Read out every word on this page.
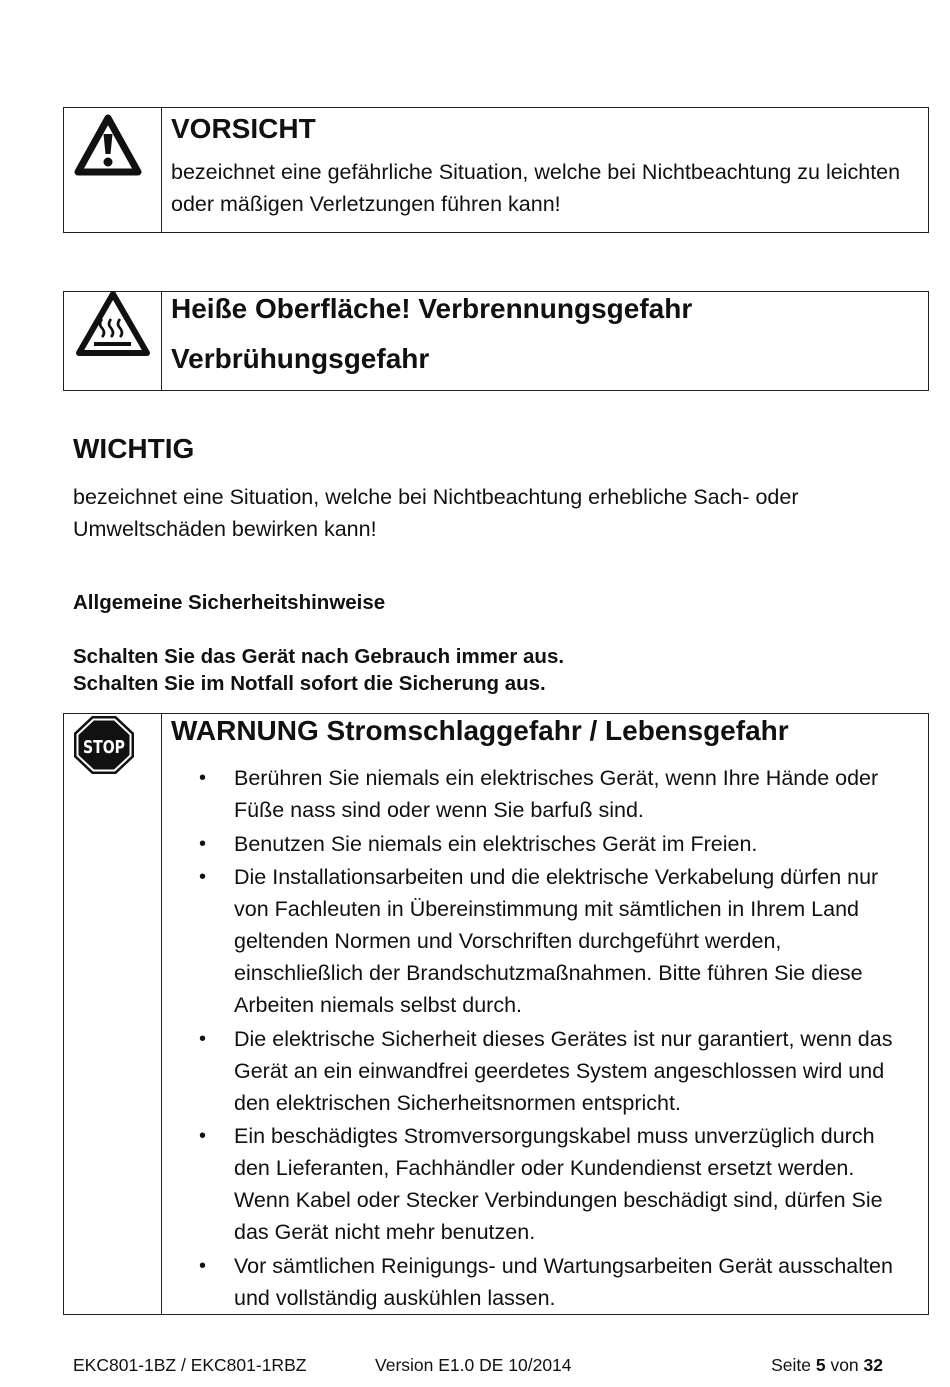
VORSICHT

bezeichnet eine gefährliche Situation, welche bei Nichtbeachtung zu leichten oder mäßigen Verletzungen führen kann!

Heiße Oberfläche! Verbrennungsgefahr

Verbrühungsgefahr

WICHTIG

bezeichnet eine Situation, welche bei Nichtbeachtung erhebliche Sach- oder Umweltschäden bewirken kann!

Allgemeine Sicherheitshinweise

Schalten Sie das Gerät nach Gebrauch immer aus.

Schalten Sie im Notfall sofort die Sicherung aus.

STOP

WARNUNG Stromschlaggefahr / Lebensgefahr

• Berühren Sie niemals ein elektrisches Gerät, wenn Ihre Hände oder Füße nass sind oder wenn Sie barfuß sind.
• Benutzen Sie niemals ein elektrisches Gerät im Freien.
• Die Installationsarbeiten und die elektrische Verkabelung dürfen nur von Fachleuten in Übereinstimmung mit sämtlichen in Ihrem Land geltenden Normen und Vorschriften durchgeführt werden, einschließlich der Brandschutzmaßnahmen. Bitte führen Sie diese Arbeiten niemals selbst durch.
• Die elektrische Sicherheit dieses Gerätes ist nur garantiert, wenn das Gerät an ein einwandfrei geerdetes System angeschlossen wird und den elektrischen Sicherheitsnormen entspricht.
• Ein beschädigtes Stromversorgungskabel muss unverzüglich durch den Lieferanten, Fachhändler oder Kundendienst ersetzt werden. Wenn Kabel oder Stecker Verbindungen beschädigt sind, dürfen Sie das Gerät nicht mehr benutzen.
• Vor sämtlichen Reinigungs- und Wartungsarbeiten Gerät ausschalten und vollständig auskühlen lassen.
EKC801-1BZ / EKC801-1RBZ	Version E1.0 DE 10/2014	Seite 5 von 32
